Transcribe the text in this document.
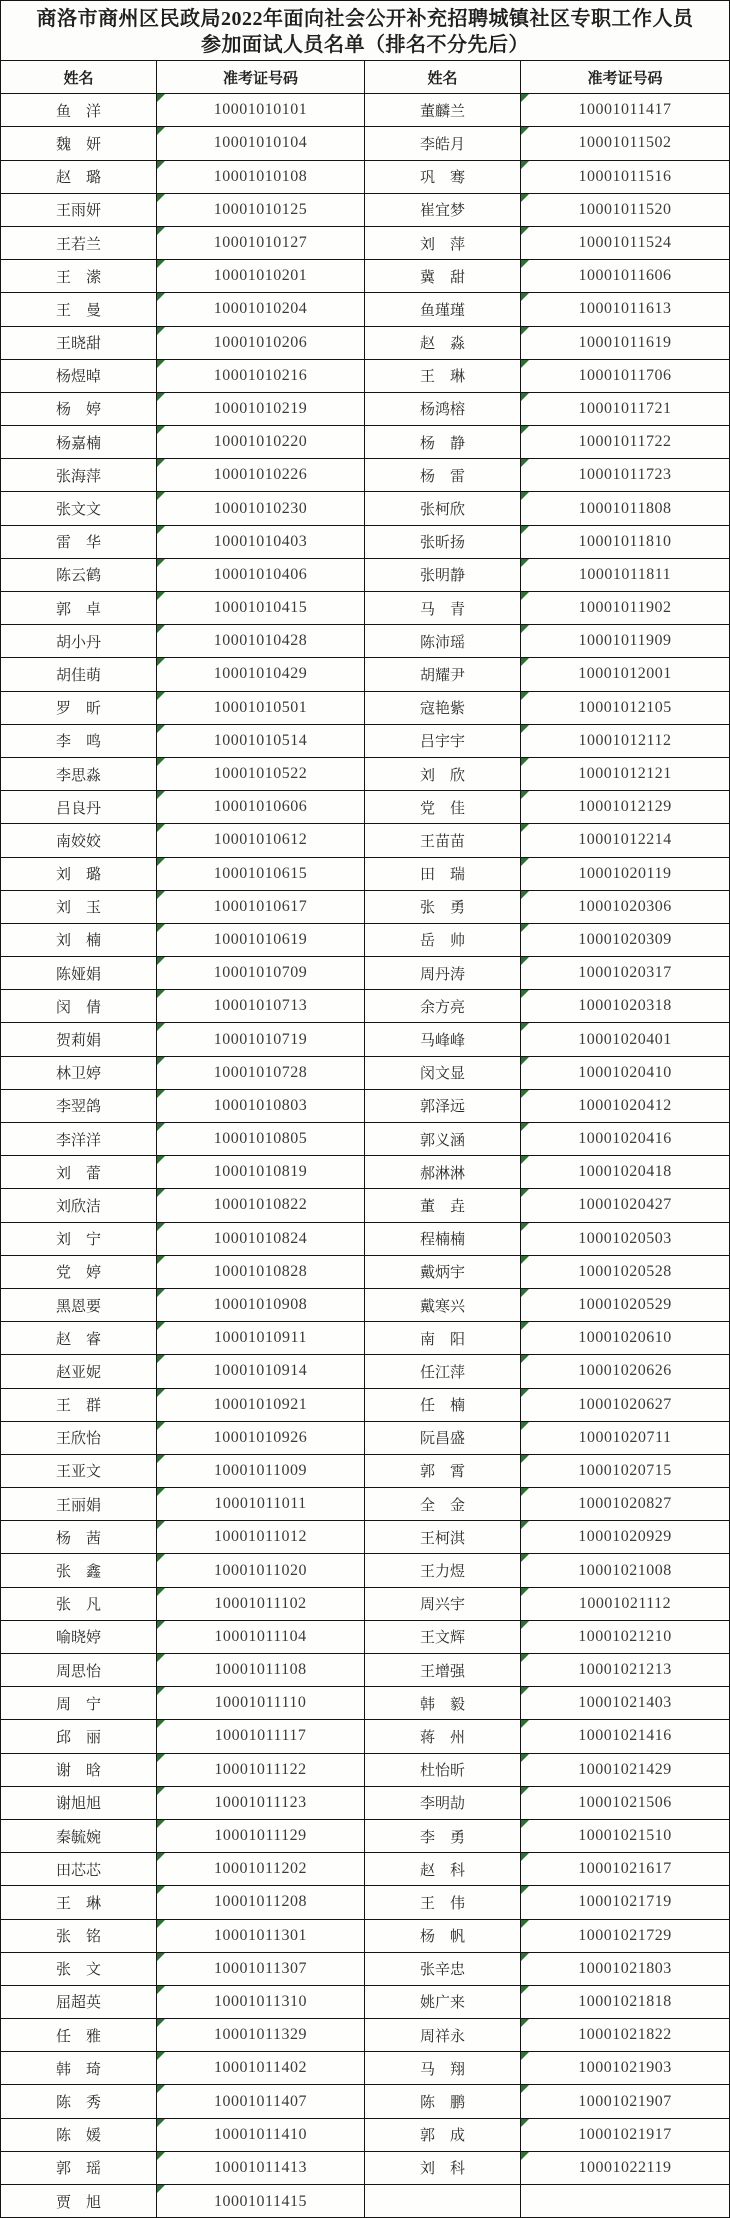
商洛市商州区民政局2022年面向社会公开补充招聘城镇社区专职工作人员
参加面试人员名单（排名不分先后）
姓名	准考证号码	姓名	准考证号码
鱼　洋	10001010101	董麟兰	10001011417
魏　妍	10001010104	李皓月	10001011502
赵　璐	10001010108	巩　骞	10001011516
王雨妍	10001010125	崔宜梦	10001011520
王若兰	10001010127	刘　萍	10001011524
王　潆	10001010201	冀　甜	10001011606
王　曼	10001010204	鱼瑾瑾	10001011613
王晓甜	10001010206	赵　淼	10001011619
杨煜晫	10001010216	王　琳	10001011706
杨　婷	10001010219	杨鸿榕	10001011721
杨嘉楠	10001010220	杨　静	10001011722
张海萍	10001010226	杨　雷	10001011723
张文文	10001010230	张柯欣	10001011808
雷　华	10001010403	张昕扬	10001011810
陈云鹤	10001010406	张明静	10001011811
郭　卓	10001010415	马　青	10001011902
胡小丹	10001010428	陈沛瑶	10001011909
胡佳萌	10001010429	胡耀尹	10001012001
罗　昕	10001010501	寇艳紫	10001012105
李　鸣	10001010514	吕宇宇	10001012112
李思淼	10001010522	刘　欣	10001012121
吕良丹	10001010606	党　佳	10001012129
南姣姣	10001010612	王苗苗	10001012214
刘　璐	10001010615	田　瑞	10001020119
刘　玉	10001010617	张　勇	10001020306
刘　楠	10001010619	岳　帅	10001020309
陈娅娟	10001010709	周丹涛	10001020317
闵　倩	10001010713	余方亮	10001020318
贺莉娟	10001010719	马峰峰	10001020401
林卫婷	10001010728	闵文显	10001020410
李翌鸽	10001010803	郭泽远	10001020412
李洋洋	10001010805	郭义涵	10001020416
刘　蕾	10001010819	郝淋淋	10001020418
刘欣洁	10001010822	董　垚	10001020427
刘　宁	10001010824	程楠楠	10001020503
党　婷	10001010828	戴炳宇	10001020528
黑恩要	10001010908	戴寒兴	10001020529
赵　睿	10001010911	南　阳	10001020610
赵亚妮	10001010914	任江萍	10001020626
王　群	10001010921	任　楠	10001020627
王欣怡	10001010926	阮昌盛	10001020711
王亚文	10001011009	郭　霄	10001020715
王丽娟	10001011011	全　金	10001020827
杨　茜	10001011012	王柯淇	10001020929
张　鑫	10001011020	王力煜	10001021008
张　凡	10001011102	周兴宇	10001021112
喻晓婷	10001011104	王文辉	10001021210
周思怡	10001011108	王增强	10001021213
周　宁	10001011110	韩　毅	10001021403
邱　丽	10001011117	蒋　州	10001021416
谢　晗	10001011122	杜怡昕	10001021429
谢旭旭	10001011123	李明劼	10001021506
秦毓婉	10001011129	李　勇	10001021510
田芯芯	10001011202	赵　科	10001021617
王　琳	10001011208	王　伟	10001021719
张　铭	10001011301	杨　帆	10001021729
张　文	10001011307	张辛忠	10001021803
屈超英	10001011310	姚广来	10001021818
任　雅	10001011329	周祥永	10001021822
韩　琦	10001011402	马　翔	10001021903
陈　秀	10001011407	陈　鹏	10001021907
陈　媛	10001011410	郭　成	10001021917
郭　瑶	10001011413	刘　科	10001022119
贾　旭	10001011415
